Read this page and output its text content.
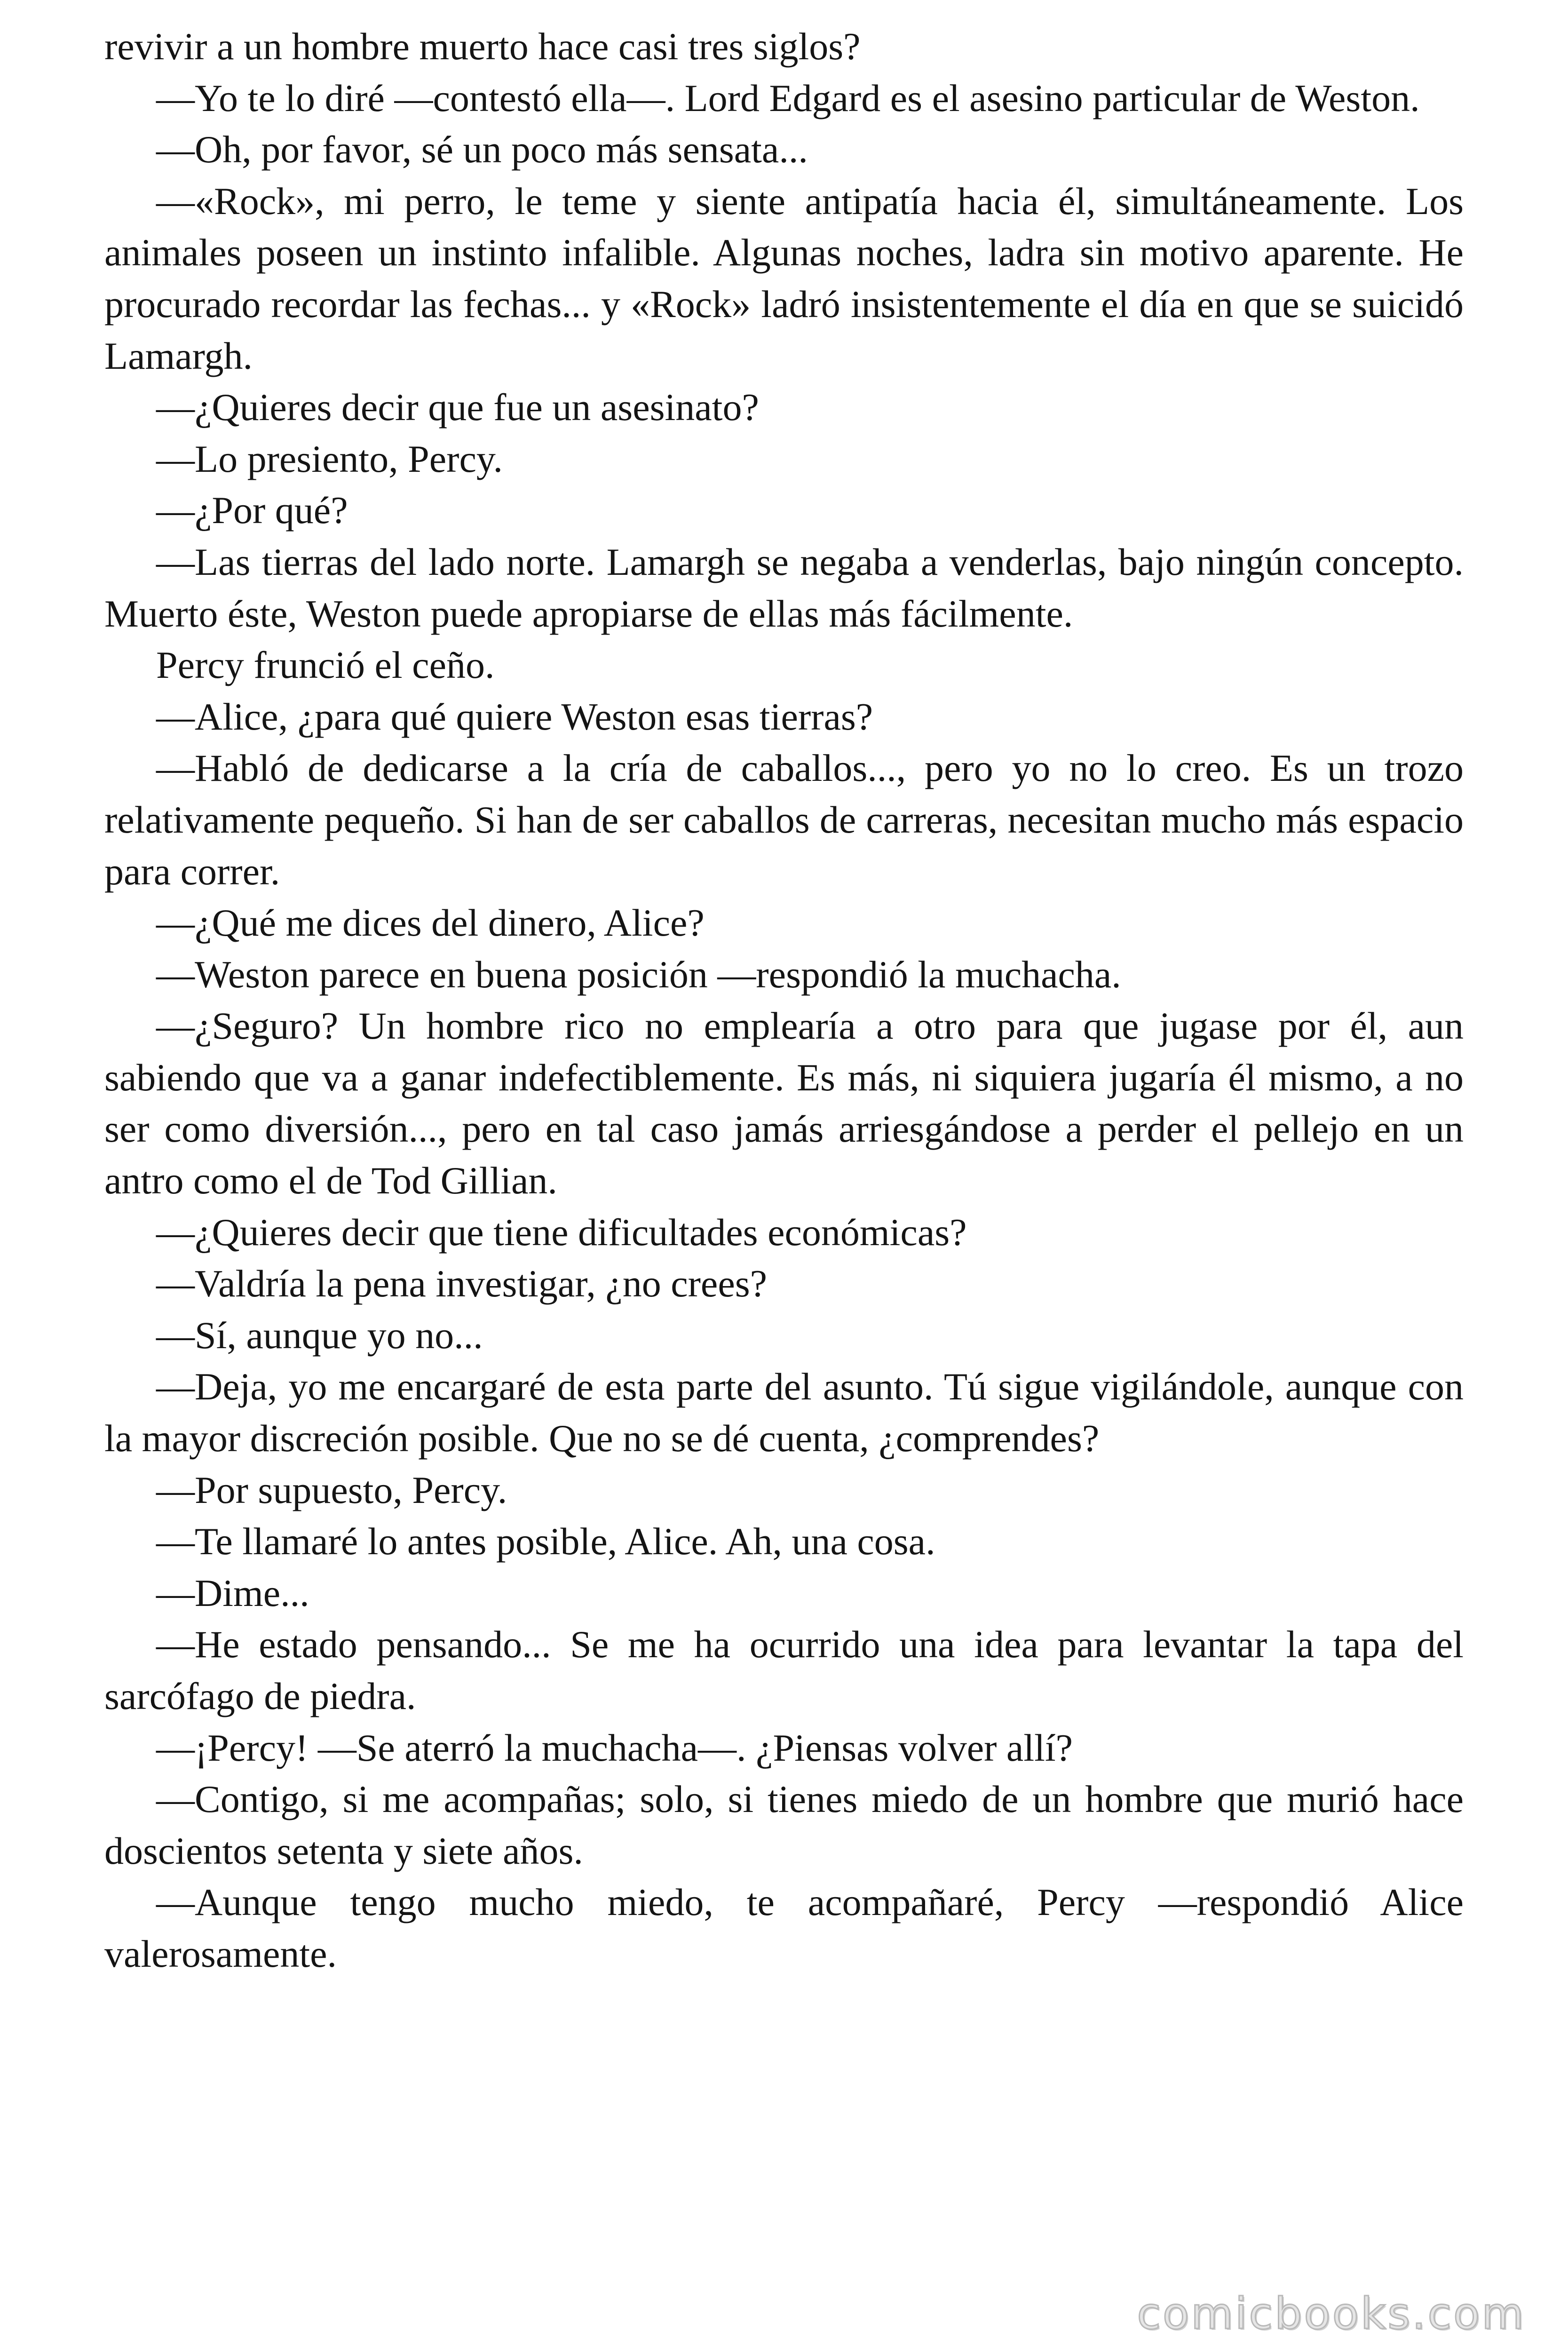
revivir a un hombre muerto hace casi tres siglos?

—Yo te lo diré —contestó ella—. Lord Edgard es el asesino particular de Weston.

—Oh, por favor, sé un poco más sensata...

—«Rock», mi perro, le teme y siente antipatía hacia él, simultáneamente. Los animales poseen un instinto infalible. Algunas noches, ladra sin motivo aparente. He procurado recordar las fechas... y «Rock» ladró insistentemente el día en que se suicidó Lamargh.

—¿Quieres decir que fue un asesinato?

—Lo presiento, Percy.

—¿Por qué?

—Las tierras del lado norte. Lamargh se negaba a venderlas, bajo ningún concepto. Muerto éste, Weston puede apropiarse de ellas más fácilmente.

Percy frunció el ceño.

—Alice, ¿para qué quiere Weston esas tierras?

—Habló de dedicarse a la cría de caballos..., pero yo no lo creo. Es un trozo relativamente pequeño. Si han de ser caballos de carreras, necesitan mucho más espacio para correr.

—¿Qué me dices del dinero, Alice?

—Weston parece en buena posición —respondió la muchacha.

—¿Seguro? Un hombre rico no emplearía a otro para que jugase por él, aun sabiendo que va a ganar indefectiblemente. Es más, ni siquiera jugaría él mismo, a no ser como diversión..., pero en tal caso jamás arriesgándose a perder el pellejo en un antro como el de Tod Gillian.

—¿Quieres decir que tiene dificultades económicas?

—Valdría la pena investigar, ¿no crees?

—Sí, aunque yo no...

—Deja, yo me encargaré de esta parte del asunto. Tú sigue vigilándole, aunque con la mayor discreción posible. Que no se dé cuenta, ¿comprendes?

—Por supuesto, Percy.

—Te llamaré lo antes posible, Alice. Ah, una cosa.

—Dime...

—He estado pensando... Se me ha ocurrido una idea para levantar la tapa del sarcófago de piedra.

—¡Percy! —Se aterró la muchacha—. ¿Piensas volver allí?

—Contigo, si me acompañas; solo, si tienes miedo de un hombre que murió hace doscientos setenta y siete años.

—Aunque tengo mucho miedo, te acompañaré, Percy —respondió Alice valerosamente.

comicbooks.com
